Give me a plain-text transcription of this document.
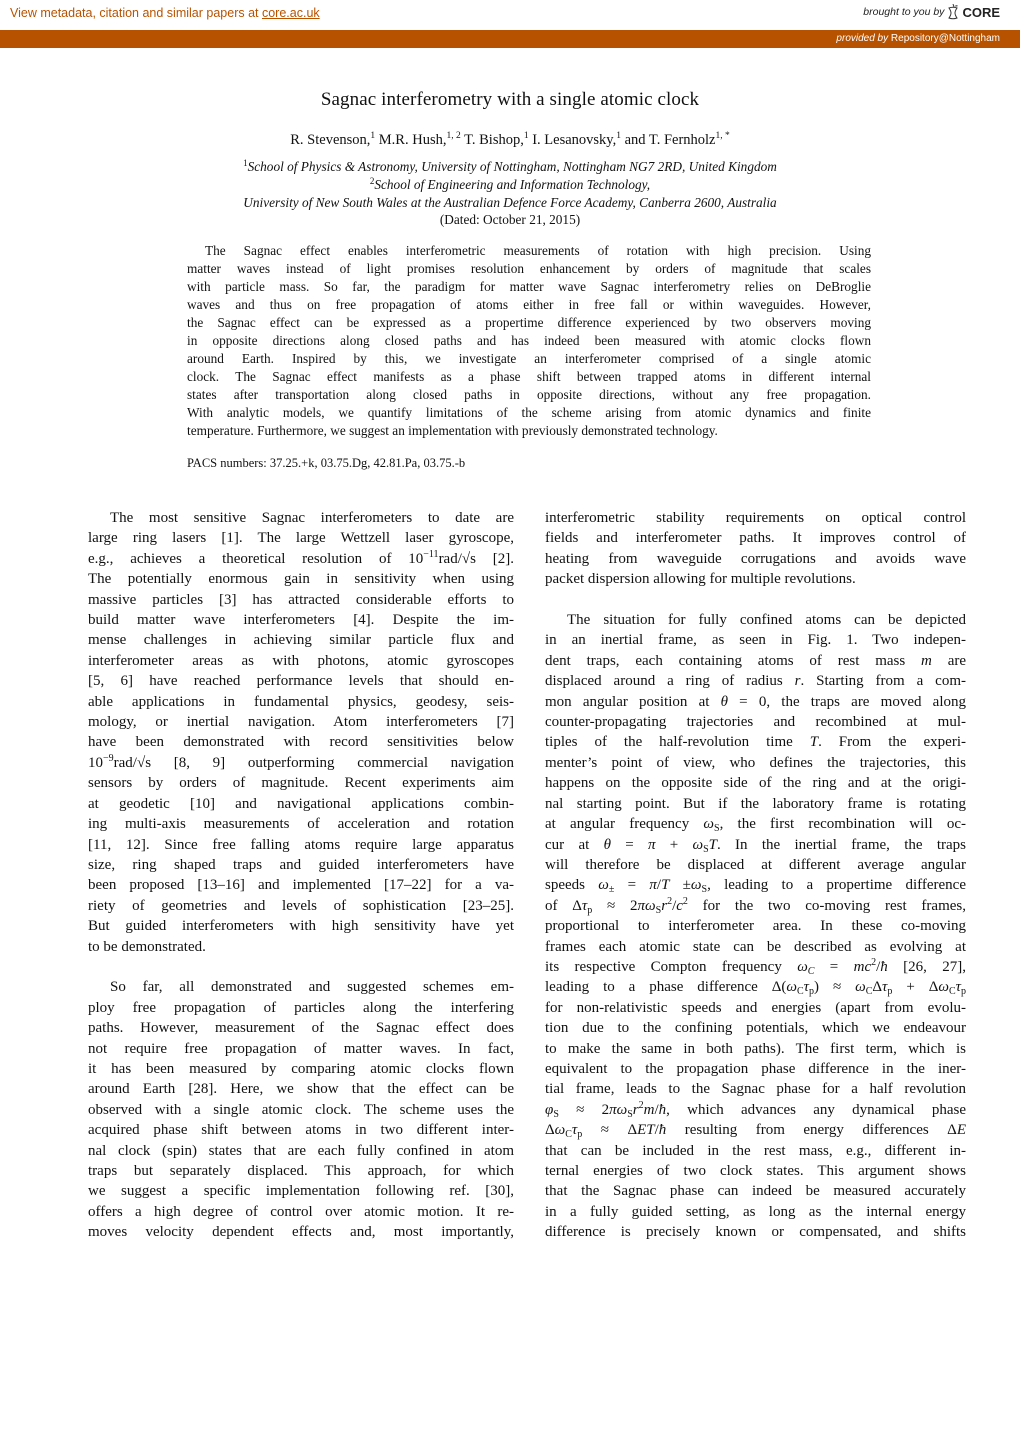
View metadata, citation and similar papers at core.ac.uk	brought to you by CORE
provided by Repository@Nottingham
Sagnac interferometry with a single atomic clock
R. Stevenson,$^1$ M.R. Hush,$^{1, 2}$ T. Bishop,$^1$ I. Lesanovsky,$^1$ and T. Fernholz$^{1, *}$
$^1$School of Physics & Astronomy, University of Nottingham, Nottingham NG7 2RD, United Kingdom
$^2$School of Engineering and Information Technology,
University of New South Wales at the Australian Defence Force Academy, Canberra 2600, Australia
(Dated: October 21, 2015)
The Sagnac effect enables interferometric measurements of rotation with high precision. Using
matter waves instead of light promises resolution enhancement by orders of magnitude that scales
with particle mass. So far, the paradigm for matter wave Sagnac interferometry relies on DeBroglie
waves and thus on free propagation of atoms either in free fall or within waveguides. However,
the Sagnac effect can be expressed as a propertime difference experienced by two observers moving
in opposite directions along closed paths and has indeed been measured with atomic clocks flown
around Earth. Inspired by this, we investigate an interferometer comprised of a single atomic
clock. The Sagnac effect manifests as a phase shift between trapped atoms in different internal
states after transportation along closed paths in opposite directions, without any free propagation.
With analytic models, we quantify limitations of the scheme arising from atomic dynamics and finite
temperature. Furthermore, we suggest an implementation with previously demonstrated technology.
PACS numbers: 37.25.+k, 03.75.Dg, 42.81.Pa, 03.75.-b
The most sensitive Sagnac interferometers to date are
large ring lasers [1]. The large Wettzell laser gyroscope,
e.g., achieves a theoretical resolution of $10^{-11}rad/√s$ [2].
The potentially enormous gain in sensitivity when using
massive particles [3] has attracted considerable efforts to
build matter wave interferometers [4]. Despite the im-
mense challenges in achieving similar particle flux and
interferometer areas as with photons, atomic gyroscopes
[5, 6] have reached performance levels that should en-
able applications in fundamental physics, geodesy, seis-
mology, or inertial navigation. Atom interferometers [7]
have been demonstrated with record sensitivities below
$10^{-9}rad/√s$ [8, 9] outperforming commercial navigation
sensors by orders of magnitude. Recent experiments aim
at geodetic [10] and navigational applications combin-
ing multi-axis measurements of acceleration and rotation
[11, 12]. Since free falling atoms require large apparatus
size, ring shaped traps and guided interferometers have
been proposed [13–16] and implemented [17–22] for a va-
riety of geometries and levels of sophistication [23–25].
But guided interferometers with high sensitivity have yet
to be demonstrated.
So far, all demonstrated and suggested schemes em-
ploy free propagation of particles along the interfering
paths. However, measurement of the Sagnac effect does
not require free propagation of matter waves. In fact,
it has been measured by comparing atomic clocks flown
around Earth [28]. Here, we show that the effect can be
observed with a single atomic clock. The scheme uses the
acquired phase shift between atoms in two different inter-
nal clock (spin) states that are each fully confined in atom
traps but separately displaced. This approach, for which
we suggest a specific implementation following ref. [30],
offers a high degree of control over atomic motion. It re-
moves velocity dependent effects and, most importantly,
interferometric stability requirements on optical control
fields and interferometer paths. It improves control of
heating from waveguide corrugations and avoids wave
packet dispersion allowing for multiple revolutions.
The situation for fully confined atoms can be depicted
in an inertial frame, as seen in Fig. 1. Two indepen-
dent traps, each containing atoms of rest mass m are
displaced around a ring of radius r. Starting from a com-
mon angular position at θ = 0, the traps are moved along
counter-propagating trajectories and recombined at mul-
tiples of the half-revolution time T. From the experi-
menter’s point of view, who defines the trajectories, this
happens on the opposite side of the ring and at the origi-
nal starting point. But if the laboratory frame is rotating
at angular frequency $\omega_S$, the first recombination will oc-
cur at $\theta = \pi + \omega_ST$. In the inertial frame, the traps
will therefore be displaced at different average angular
speeds $\omega_\pm = \pi/T \pm\omega_S$, leading to a propertime difference
of $\Delta\tau_p \approx 2\pi\omega_Sr^2/c^2$ for the two co-moving rest frames,
proportional to interferometer area. In these co-moving
frames each atomic state can be described as evolving at
its respective Compton frequency $\omega_C$ = $mc^2/ħ$ [26, 27],
leading to a phase difference $\Delta(\omega_C\tau_p) \approx \omega_C\Delta\tau_p + \Delta\omega_C\tau_p$
for non-relativistic speeds and energies (apart from evolu-
tion due to the confining potentials, which we endeavour
to make the same in both paths). The first term, which is
equivalent to the propagation phase difference in the iner-
tial frame, leads to the Sagnac phase for a half revolution
$\varphi_S$ ≈ $2\pi\omega_Sr^2m/ħ$, which advances any dynamical phase
$\Delta\omega_C\tau_p$ ≈ ΔET/ħ resulting from energy differences ΔE
that can be included in the rest mass, e.g., different in-
ternal energies of two clock states. This argument shows
that the Sagnac phase can indeed be measured accurately
in a fully guided setting, as long as the internal energy
difference is precisely known or compensated, and shifts
